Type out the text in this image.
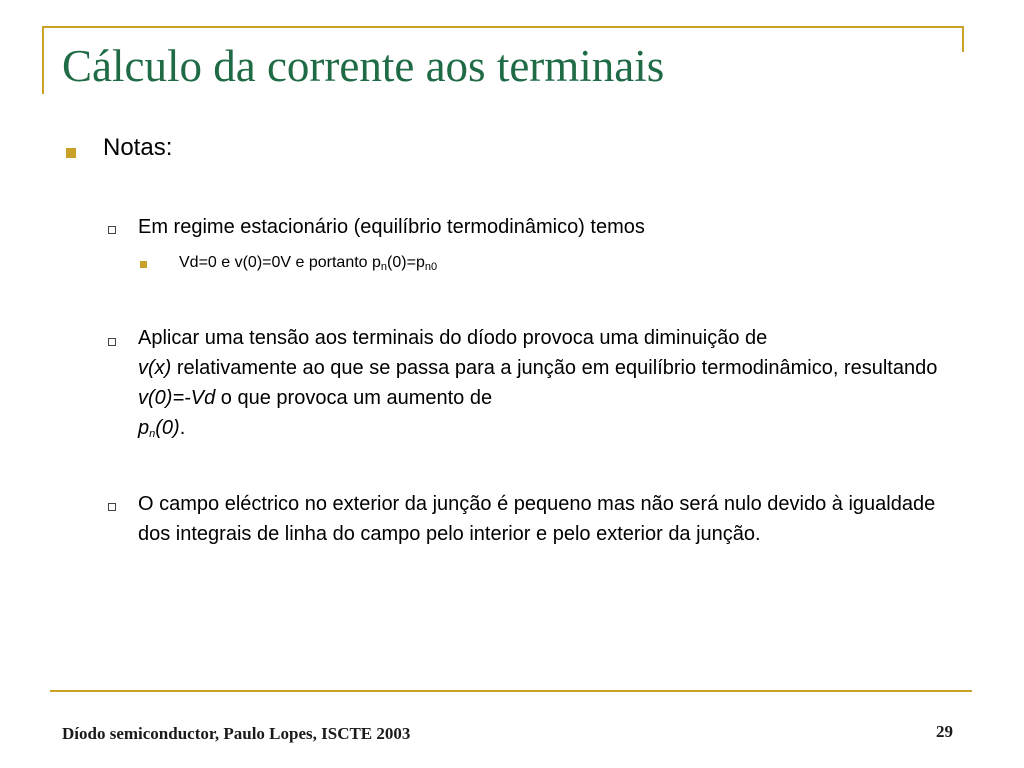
Cálculo da corrente aos terminais
Notas:
Em regime estacionário (equilíbrio termodinâmico) temos
Vd=0 e v(0)=0V e portanto $p_n(0)=p_{n0}$
Aplicar uma tensão aos terminais do díodo provoca uma diminuição de
v(x) relativamente ao que se passa para a junção em equilíbrio termodinâmico, resultando v(0)=-Vd o que provoca um aumento de
$p_n(0)$.
O campo eléctrico no exterior da junção é pequeno mas não será nulo devido à igualdade dos integrais de linha do campo pelo interior e pelo exterior da junção.
Díodo semiconductor, Paulo Lopes, ISCTE 2003	29
